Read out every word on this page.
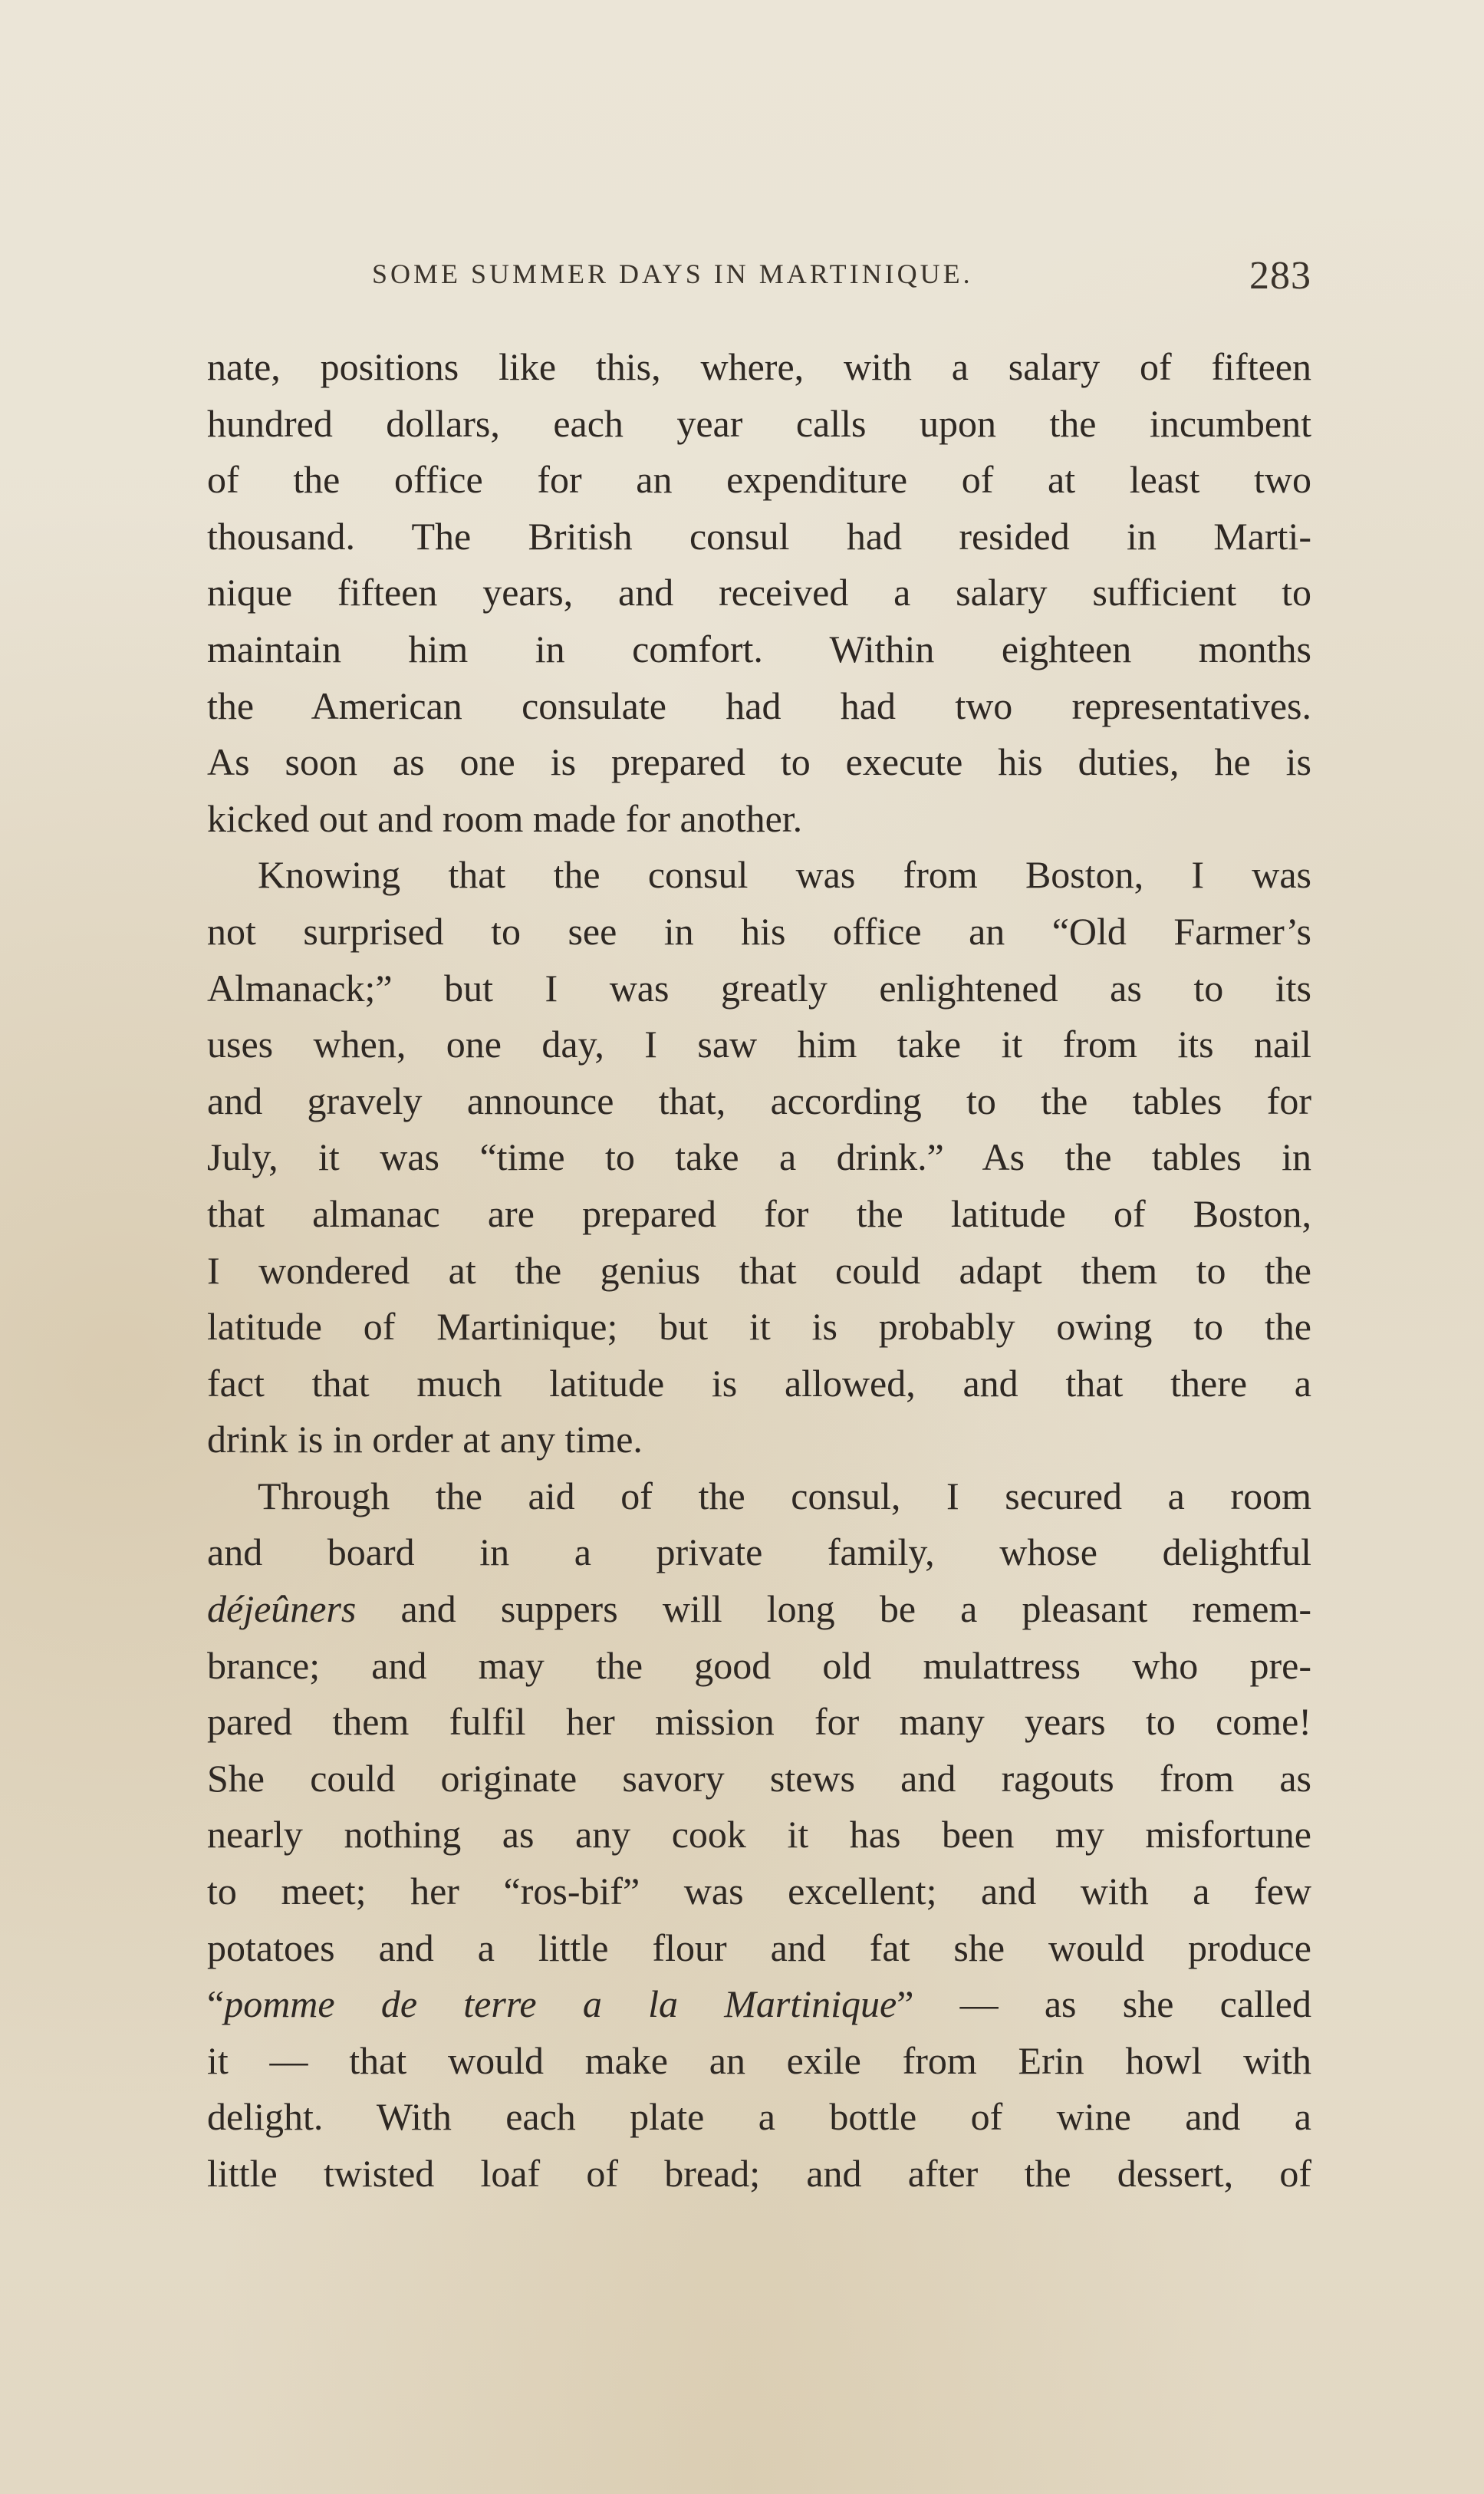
SOME SUMMER DAYS IN MARTINIQUE.	283
nate, positions like this, where, with a salary of fifteen
hundred dollars, each year calls upon the incumbent
of the office for an expenditure of at least two
thousand. The British consul had resided in Marti-
nique fifteen years, and received a salary sufficient to
maintain him in comfort. Within eighteen months
the American consulate had had two representatives.
As soon as one is prepared to execute his duties, he is
kicked out and room made for another.
Knowing that the consul was from Boston, I was
not surprised to see in his office an “Old Farmer’s
Almanack;” but I was greatly enlightened as to its
uses when, one day, I saw him take it from its nail
and gravely announce that, according to the tables for
July, it was “time to take a drink.” As the tables in
that almanac are prepared for the latitude of Boston,
I wondered at the genius that could adapt them to the
latitude of Martinique; but it is probably owing to the
fact that much latitude is allowed, and that there a
drink is in order at any time.
Through the aid of the consul, I secured a room
and board in a private family, whose delightful
déjeûners and suppers will long be a pleasant remem-
brance; and may the good old mulattress who pre-
pared them fulfil her mission for many years to come!
She could originate savory stews and ragouts from as
nearly nothing as any cook it has been my misfortune
to meet; her “ros-bif” was excellent; and with a few
potatoes and a little flour and fat she would produce
“pomme de terre a la Martinique” — as she called
it — that would make an exile from Erin howl with
delight. With each plate a bottle of wine and a
little twisted loaf of bread; and after the dessert, of
